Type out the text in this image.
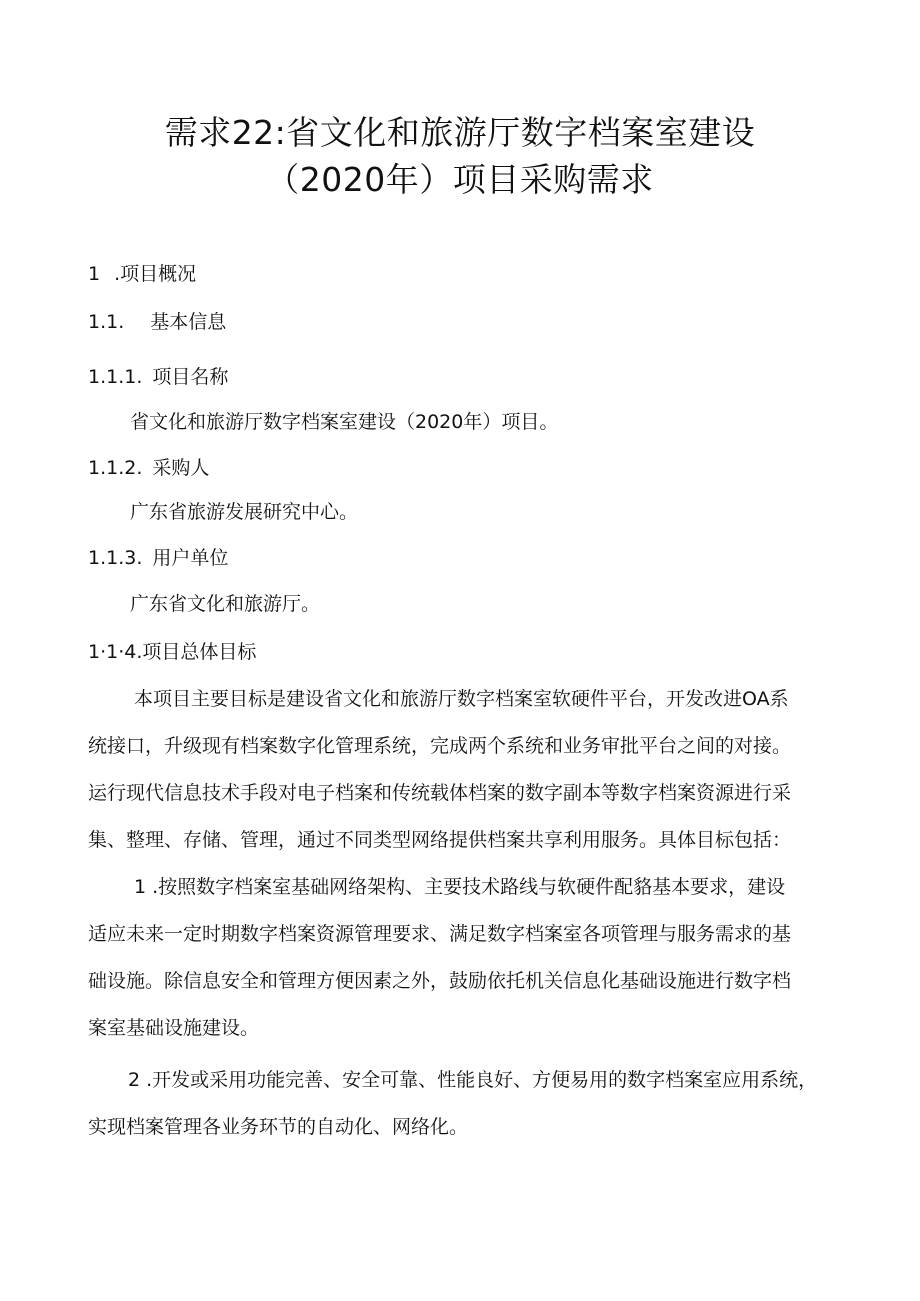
需求22:省文化和旅游厅数字档案室建设
（2020年）项目采购需求
1 .项目概况
1.1. 基本信息
1.1.1. 项目名称
省文化和旅游厅数字档案室建设（2020年）项目。
1.1.2. 采购人
广东省旅游发展研究中心。
1.1.3. 用户单位
广东省文化和旅游厅。
1·1·4.项目总体目标
本项目主要目标是建设省文化和旅游厅数字档案室软硬件平台，开发改进OA系
统接口，升级现有档案数字化管理系统，完成两个系统和业务审批平台之间的对接。
运行现代信息技术手段对电子档案和传统载体档案的数字副本等数字档案资源进行采
集、整理、存储、管理，通过不同类型网络提供档案共享利用服务。具体目标包括：
1 .按照数字档案室基础网络架构、主要技术路线与软硬件配貉基本要求，建设
适应未来一定时期数字档案资源管理要求、满足数字档案室各项管理与服务需求的基
础设施。除信息安全和管理方便因素之外，鼓励依托机关信息化基础设施进行数字档
案室基础设施建设。
2 .开发或采用功能完善、安全可靠、性能良好、方便易用的数字档案室应用系统，
实现档案管理各业务环节的自动化、网络化。
